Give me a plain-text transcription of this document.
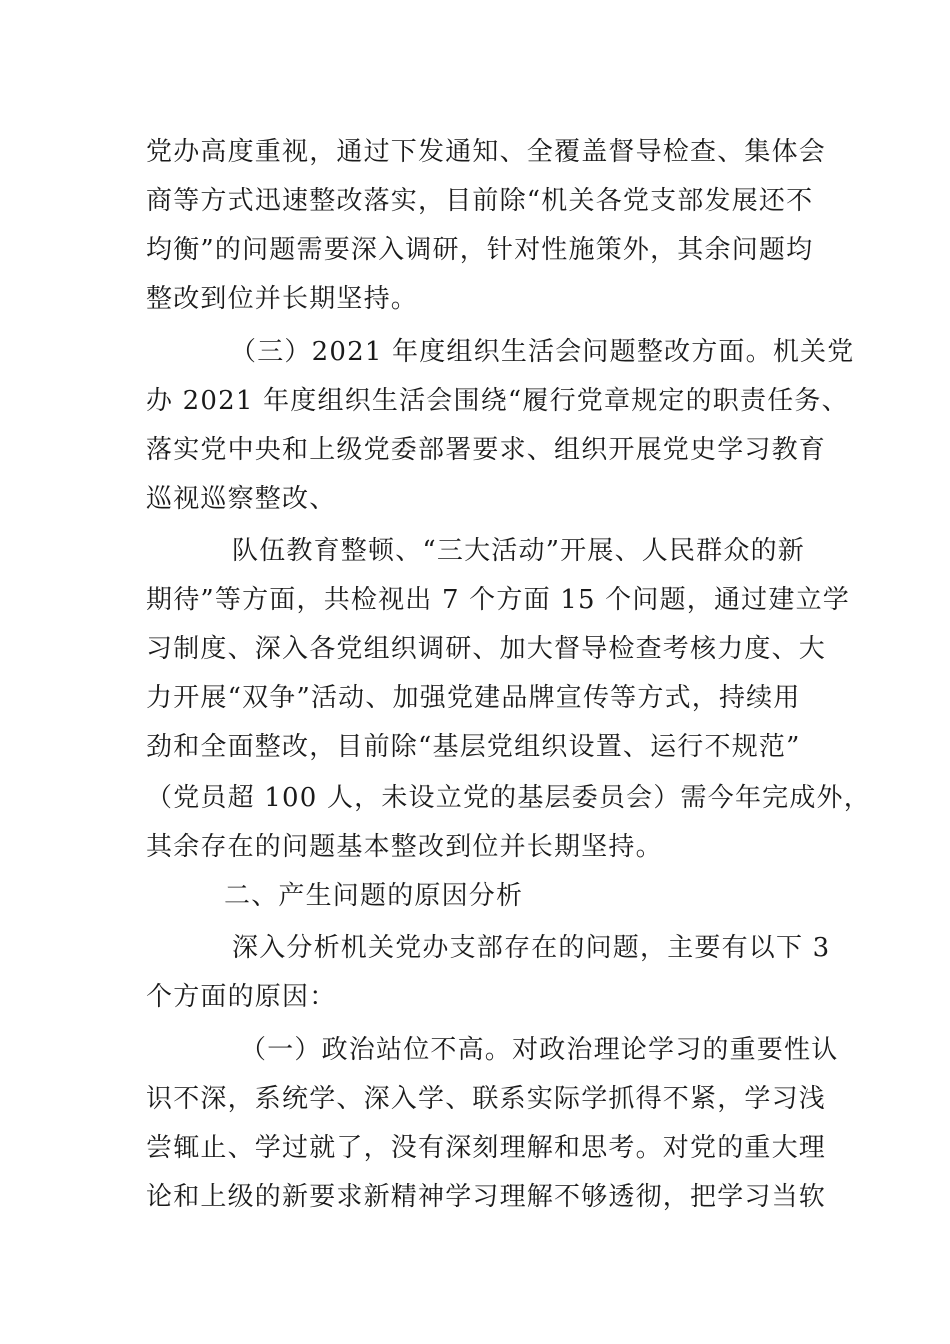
党办高度重视，通过下发通知、全覆盖督导检查、集体会
商等方式迅速整改落实，目前除“机关各党支部发展还不
均衡”的问题需要深入调研，针对性施策外，其余问题均
整改到位并长期坚持。
（三）2021 年度组织生活会问题整改方面。机关党
办 2021 年度组织生活会围绕“履行党章规定的职责任务、
落实党中央和上级党委部署要求、组织开展党史学习教育
巡视巡察整改、
队伍教育整顿、“三大活动”开展、人民群众的新
期待”等方面，共检视出 7 个方面 15 个问题，通过建立学
习制度、深入各党组织调研、加大督导检查考核力度、大
力开展“双争”活动、加强党建品牌宣传等方式，持续用
劲和全面整改，目前除“基层党组织设置、运行不规范”
（党员超 100 人，未设立党的基层委员会）需今年完成外，
其余存在的问题基本整改到位并长期坚持。
二、产生问题的原因分析
深入分析机关党办支部存在的问题，主要有以下 3
个方面的原因：
（一）政治站位不高。对政治理论学习的重要性认
识不深，系统学、深入学、联系实际学抓得不紧，学习浅
尝辄止、学过就了，没有深刻理解和思考。对党的重大理
论和上级的新要求新精神学习理解不够透彻，把学习当软
